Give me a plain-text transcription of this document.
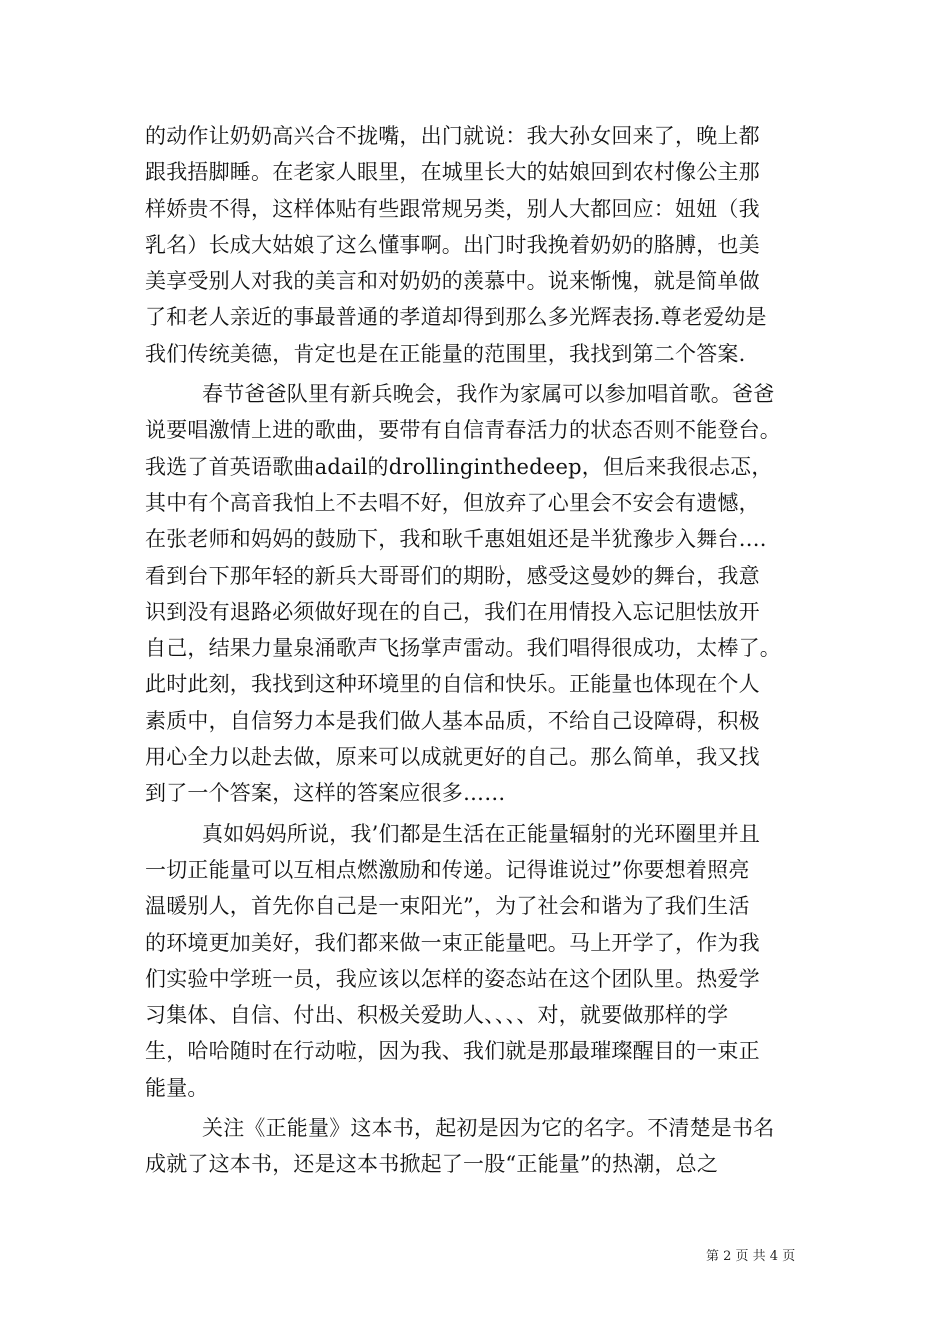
的动作让奶奶高兴合不拢嘴，出门就说：我大孙女回来了，晚上都
跟我捂脚睡。在老家人眼里，在城里长大的姑娘回到农村像公主那
样娇贵不得，这样体贴有些跟常规另类，别人大都回应：妞妞（我
乳名）长成大姑娘了这么懂事啊。出门时我挽着奶奶的胳膊，也美
美享受别人对我的美言和对奶奶的羡慕中。说来惭愧，就是简单做
了和老人亲近的事最普通的孝道却得到那么多光辉表扬.尊老爱幼是
我们传统美德，肯定也是在正能量的范围里，我找到第二个答案.
春节爸爸队里有新兵晚会，我作为家属可以参加唱首歌。爸爸
说要唱激情上进的歌曲，要带有自信青春活力的状态否则不能登台。
我选了首英语歌曲adail的drollinginthedeep，但后来我很忐忑，
其中有个高音我怕上不去唱不好，但放弃了心里会不安会有遗憾，
在张老师和妈妈的鼓励下，我和耿千惠姐姐还是半犹豫步入舞台….
看到台下那年轻的新兵大哥哥们的期盼，感受这曼妙的舞台，我意
识到没有退路必须做好现在的自己，我们在用情投入忘记胆怯放开
自己，结果力量泉涌歌声飞扬掌声雷动。我们唱得很成功，太棒了。
此时此刻，我找到这种环境里的自信和快乐。正能量也体现在个人
素质中，自信努力本是我们做人基本品质，不给自己设障碍，积极
用心全力以赴去做，原来可以成就更好的自己。那么简单，我又找
到了一个答案，这样的答案应很多……
真如妈妈所说，我’们都是生活在正能量辐射的光环圈里并且
一切正能量可以互相点燃激励和传递。记得谁说过”你要想着照亮
温暖别人，首先你自己是一束阳光”，为了社会和谐为了我们生活
的环境更加美好，我们都来做一束正能量吧。马上开学了，作为我
们实验中学班一员，我应该以怎样的姿态站在这个团队里。热爱学
习集体、自信、付出、积极关爱助人、、、、对，就要做那样的学
生，哈哈随时在行动啦，因为我、我们就是那最璀璨醒目的一束正
能量。
关注《正能量》这本书，起初是因为它的名字。不清楚是书名
成就了这本书，还是这本书掀起了一股“正能量”的热潮，总之
第 2 页 共 4 页
